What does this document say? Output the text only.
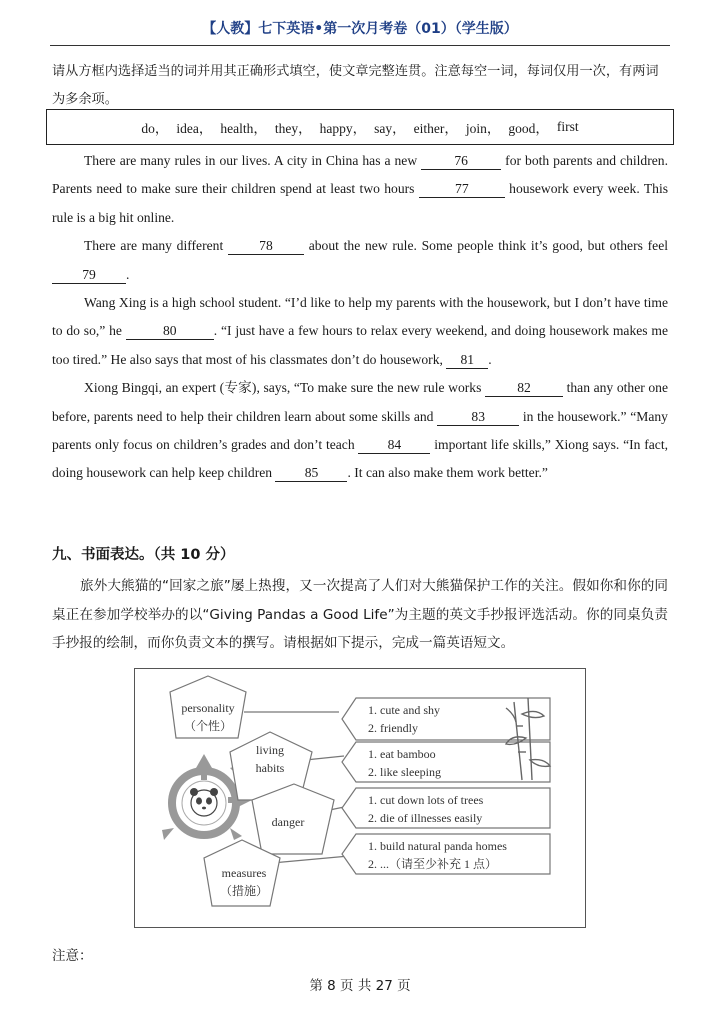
【人教】七下英语•第一次月考卷（01）（学生版）
请从方框内选择适当的词并用其正确形式填空，使文章完整连贯。注意每空一词，每词仅用一次，有两词为多余项。
do， idea， health， they， happy， say， either， join， good， first

There are many rules in our lives. A city in China has a new	76	for both parents and children. Parents need to make sure their children spend at least two hours	77	housework every week. This rule is a big hit online.

There are many different	78	about the new rule. Some people think it’s good, but others feel 79 .

Wang Xing is a high school student. “I’d like to help my parents with the housework, but I don’t have time to do so,” he	80	. “I just have a few hours to relax every weekend, and doing housework makes me too tired.” He also says that most of his classmates don’t do housework, 81 .

Xiong Bingqi, an expert (专家), says, “To make sure the new rule works	82	than any other one before, parents need to help their children learn about some skills and	83	in the housework.” “Many parents only focus on children’s grades and don’t teach 84 important life skills,” Xiong says. “In fact, doing housework can help keep children 85 . It can also make them work better.”

九、书面表达。（共 10 分）

旅外大熊猫的“回家之旅”屡上热搜，又一次提高了人们对大熊猫保护工作的关注。假如你和你的同桌正在参加学校举办的以“Giving Pandas a Good Life”为主题的英文手抄报评选活动。你的同桌负责手抄报的绘制，而你负责文本的撰写。请根据如下提示，完成一篇英语短文。

personality
（个性）
living
habits
danger
measures
（措施）
1. cute and shy
2. friendly
1. eat bamboo
2. like sleeping
1. cut down lots of trees
2. die of illnesses easily
1. build natural panda homes
2. ...（请至少补充 1 点）
注意：
第 8 页 共 27 页
